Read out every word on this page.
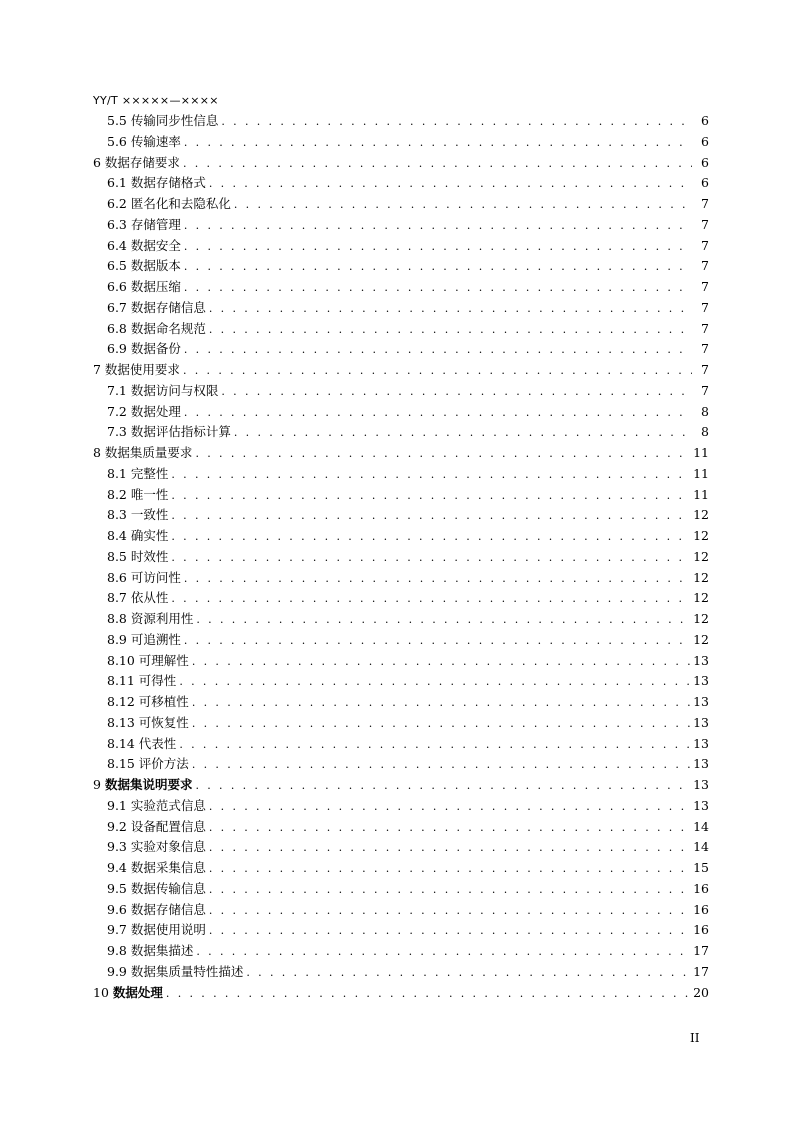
YY/T ×××××—××××
5.5 传输同步性信息 . . .	6
5.6 传输速率 . . .	6
6 数据存储要求 . . .	6
6.1 数据存储格式 . . .	6
6.2 匿名化和去隐私化 . . .	7
6.3 存储管理 . . .	7
6.4 数据安全 . . .	7
6.5 数据版本 . . .	7
6.6 数据压缩 . . .	7
6.7 数据存储信息 . . .	7
6.8 数据命名规范 . . .	7
6.9 数据备份 . . .	7
7 数据使用要求 . . .	7
7.1 数据访问与权限 . . .	7
7.2 数据处理 . . .	8
7.3 数据评估指标计算 . . .	8
8 数据集质量要求 . . .	11
8.1 完整性 . . .	11
8.2 唯一性 . . .	11
8.3 一致性 . . .	12
8.4 确实性 . . .	12
8.5 时效性 . . .	12
8.6 可访问性 . . .	12
8.7 依从性 . . .	12
8.8 资源利用性 . . .	12
8.9 可追溯性 . . .	12
8.10 可理解性 . . .	13
8.11 可得性 . . .	13
8.12 可移植性 . . .	13
8.13 可恢复性 . . .	13
8.14 代表性 . . .	13
8.15 评价方法 . . .	13
9 数据集说明要求 . . .	13
9.1 实验范式信息 . . .	13
9.2 设备配置信息 . . .	14
9.3 实验对象信息 . . .	14
9.4 数据采集信息 . . .	15
9.5 数据传输信息 . . .	16
9.6 数据存储信息 . . .	16
9.7 数据使用说明 . . .	16
9.8 数据集描述 . . .	17
9.9 数据集质量特性描述 . . .	17
10 数据处理 . . .	20
II
